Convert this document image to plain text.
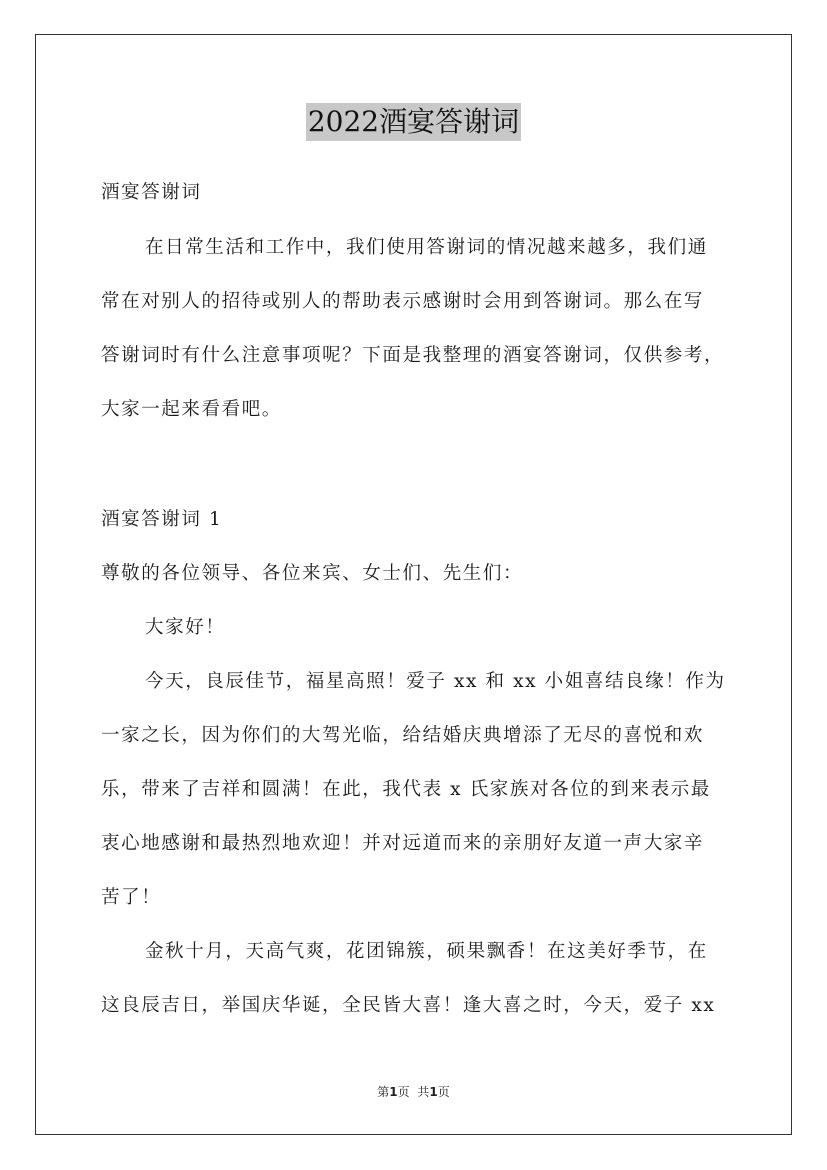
2022酒宴答谢词
酒宴答谢词
在日常生活和工作中，我们使用答谢词的情况越来越多，我们通
常在对别人的招待或别人的帮助表示感谢时会用到答谢词。那么在写
答谢词时有什么注意事项呢？下面是我整理的酒宴答谢词，仅供参考，
大家一起来看看吧。
酒宴答谢词 1
尊敬的各位领导、各位来宾、女士们、先生们：
大家好！
今天，良辰佳节，福星高照！爱子 xx 和 xx 小姐喜结良缘！作为
一家之长，因为你们的大驾光临，给结婚庆典增添了无尽的喜悦和欢
乐，带来了吉祥和圆满！在此，我代表 x 氏家族对各位的到来表示最
衷心地感谢和最热烈地欢迎！并对远道而来的亲朋好友道一声大家辛
苦了！
金秋十月，天高气爽，花团锦簇，硕果飘香！在这美好季节，在
这良辰吉日，举国庆华诞，全民皆大喜！逢大喜之时，今天，爱子 xx
第1页 共1页
